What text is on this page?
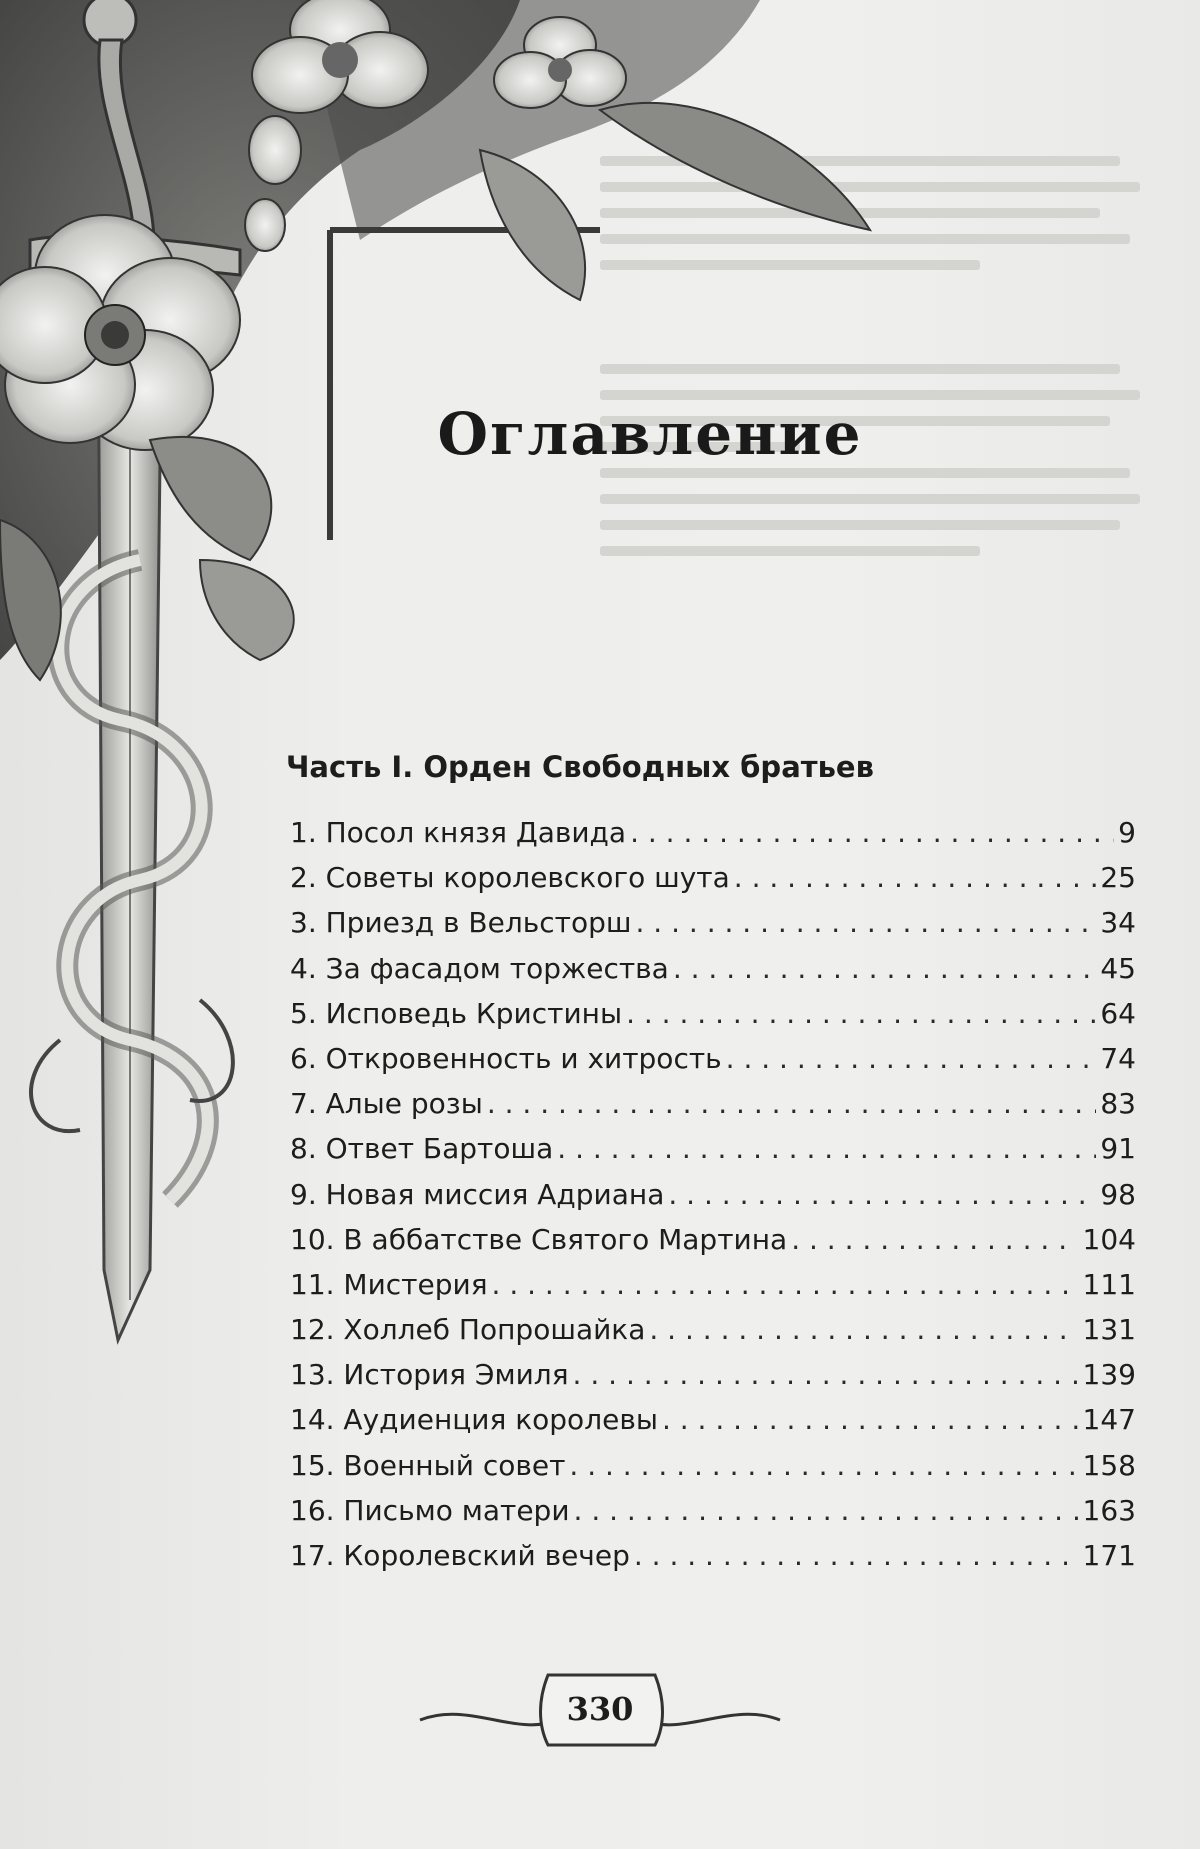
Оглавление
Часть I. Орден Свободных братьев
1. Посол князя Давида . . .	9
2. Советы королевского шута . . .	25
3. Приезд в Вельсторш . . .	34
4. За фасадом торжества . . .	45
5. Исповедь Кристины . . .	64
6. Откровенность и хитрость . . .	74
7. Алые розы . . .	83
8. Ответ Бартоша . . .	91
9. Новая миссия Адриана . . .	98
10. В аббатстве Святого Мартина . . .	104
11. Мистерия . . .	111
12. Холлеб Попрошайка . . .	131
13. История Эмиля . . .	139
14. Аудиенция королевы . . .	147
15. Военный совет . . .	158
16. Письмо матери . . .	163
17. Королевский вечер . . .	171
330
